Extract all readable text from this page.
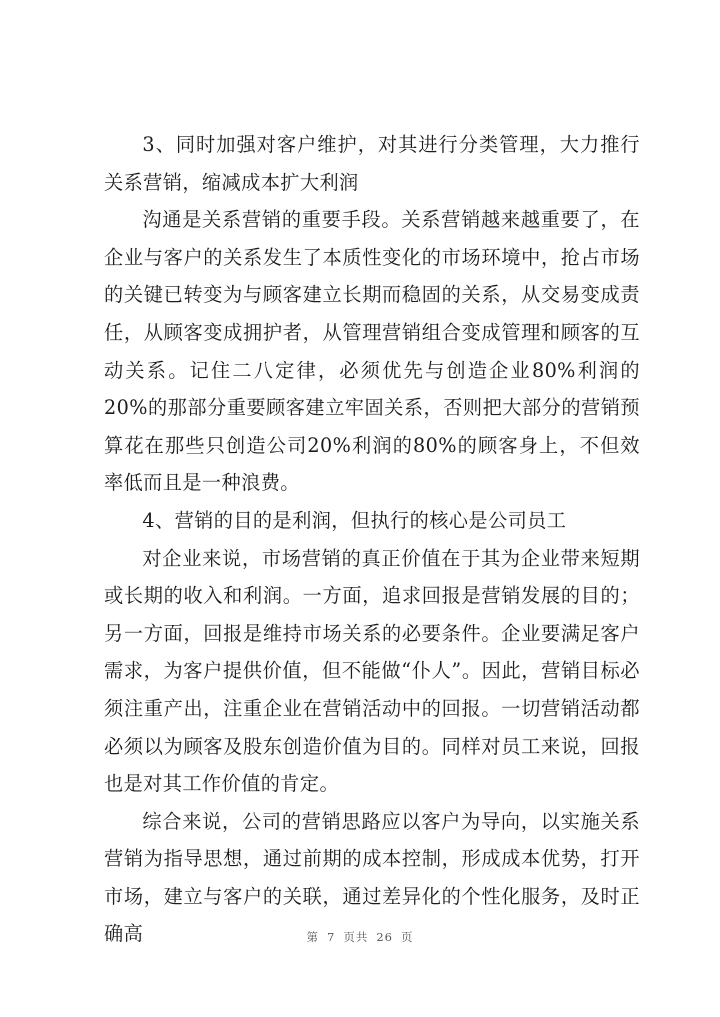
3、同时加强对客户维护，对其进行分类管理，大力推行关系营销，缩减成本扩大利润

沟通是关系营销的重要手段。关系营销越来越重要了，在企业与客户的关系发生了本质性变化的市场环境中，抢占市场的关键已转变为与顾客建立长期而稳固的关系，从交易变成责任，从顾客变成拥护者，从管理营销组合变成管理和顾客的互动关系。记住二八定律，必须优先与创造企业80%利润的20%的那部分重要顾客建立牢固关系，否则把大部分的营销预算花在那些只创造公司20%利润的80%的顾客身上，不但效率低而且是一种浪费。

4、营销的目的是利润，但执行的核心是公司员工

对企业来说，市场营销的真正价值在于其为企业带来短期或长期的收入和利润。一方面，追求回报是营销发展的目的；另一方面，回报是维持市场关系的必要条件。企业要满足客户需求，为客户提供价值，但不能做“仆人”。因此，营销目标必须注重产出，注重企业在营销活动中的回报。一切营销活动都必须以为顾客及股东创造价值为目的。同样对员工来说，回报也是对其工作价值的肯定。

综合来说，公司的营销思路应以客户为导向，以实施关系营销为指导思想，通过前期的成本控制，形成成本优势，打开市场，建立与客户的关联，通过差异化的个性化服务，及时正确高	第 7 页共 26 页
